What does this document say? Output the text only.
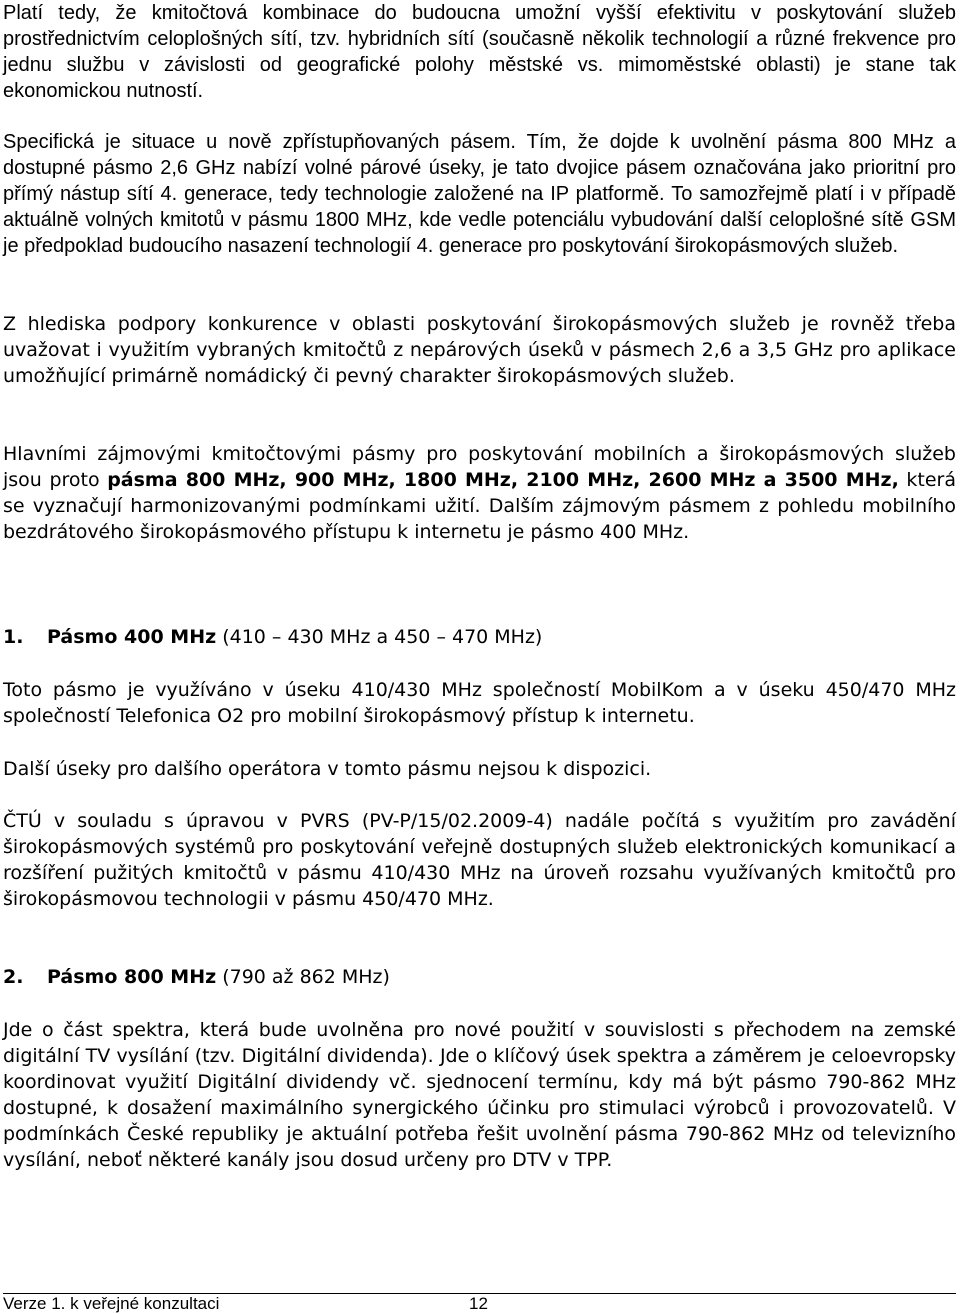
Platí tedy, že kmitočtová kombinace do budoucna umožní vyšší efektivitu v poskytování služeb prostřednictvím celoplošných sítí, tzv. hybridních sítí (současně několik technologií a různé frekvence pro jednu službu v závislosti od geografické polohy městské vs. mimoměstské oblasti) je stane tak ekonomickou nutností.

Specifická je situace u nově zpřístupňovaných pásem. Tím, že dojde k uvolnění pásma 800 MHz a dostupné pásmo 2,6 GHz nabízí volné párové úseky, je tato dvojice pásem označována jako prioritní pro přímý nástup sítí 4. generace, tedy technologie založené na IP platformě. To samozřejmě platí i v případě aktuálně volných kmitotů v pásmu 1800 MHz, kde vedle potenciálu vybudování další celoplošné sítě GSM je předpoklad budoucího nasazení technologií 4. generace pro poskytování širokopásmových služeb.

Z hlediska podpory konkurence v oblasti poskytování širokopásmových služeb je rovněž třeba uvažovat i využitím vybraných kmitočtů z nepárových úseků v pásmech 2,6 a 3,5 GHz pro aplikace umožňující primárně nomádický či pevný charakter širokopásmových služeb.

Hlavními zájmovými kmitočtovými pásmy pro poskytování mobilních a širokopásmových služeb jsou proto pásma 800 MHz, 900 MHz, 1800 MHz, 2100 MHz, 2600 MHz a 3500 MHz, která se vyznačují harmonizovanými podmínkami užití. Dalším zájmovým pásmem z pohledu mobilního bezdrátového širokopásmového přístupu k internetu je pásmo 400 MHz.

1.	Pásmo 400 MHz (410 – 430 MHz a 450 – 470 MHz)

Toto pásmo je využíváno v úseku 410/430 MHz společností MobilKom a v úseku 450/470 MHz společností Telefonica O2 pro mobilní širokopásmový přístup k internetu.

Další úseky pro dalšího operátora v tomto pásmu nejsou k dispozici.

ČTÚ v souladu s úpravou v PVRS (PV-P/15/02.2009-4) nadále počítá s využitím pro zavádění širokopásmových systémů pro poskytování veřejně dostupných služeb elektronických komunikací a rozšíření pužitých kmitočtů v pásmu 410/430 MHz na úroveň rozsahu využívaných kmitočtů pro širokopásmovou technologii v pásmu 450/470 MHz.

2.	Pásmo 800 MHz (790 až 862 MHz)

Jde o část spektra, která bude uvolněna pro nové použití v souvislosti s přechodem na zemské digitální TV vysílání (tzv. Digitální dividenda). Jde o klíčový úsek spektra a záměrem je celoevropsky koordinovat využití Digitální dividendy vč. sjednocení termínu, kdy má být pásmo 790-862 MHz dostupné, k dosažení maximálního synergického účinku pro stimulaci výrobců i provozovatelů. V podmínkách České republiky je aktuální potřeba řešit uvolnění pásma 790-862 MHz od televizního vysílání, neboť některé kanály jsou dosud určeny pro DTV v TPP.

Verze 1. k veřejné konzultaci	12
